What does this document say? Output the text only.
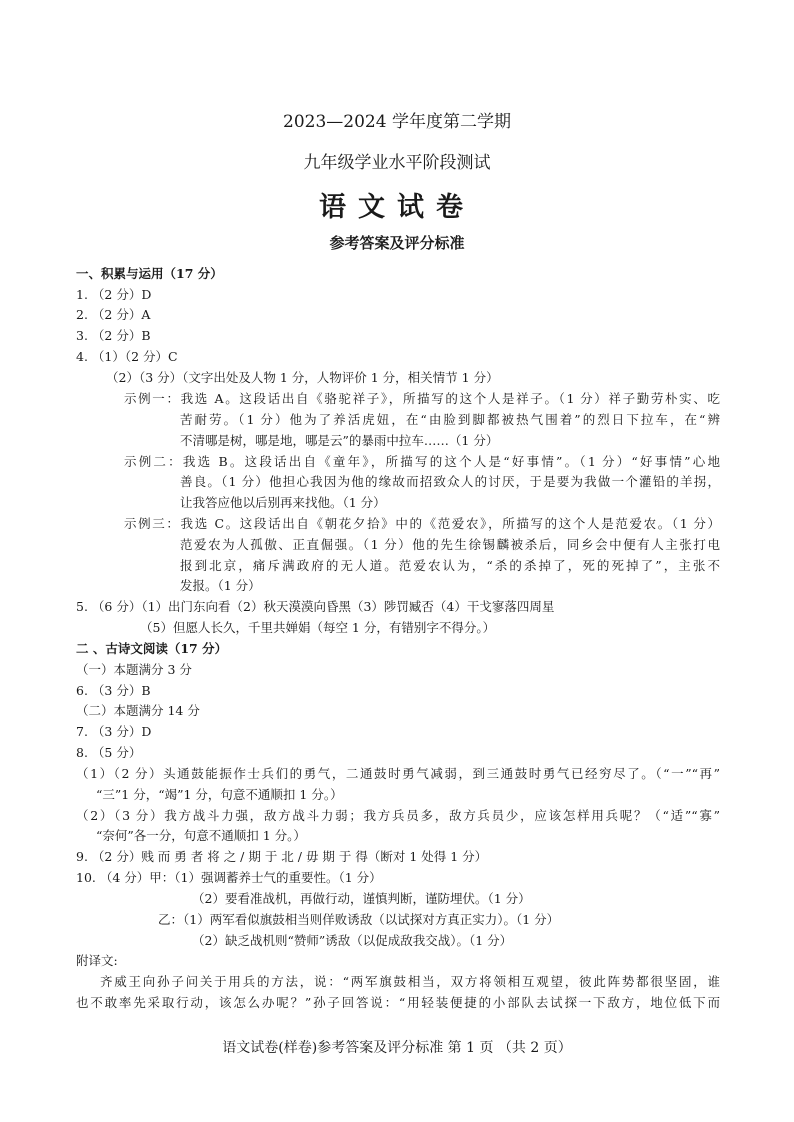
2023—2024 学年度第二学期
九年级学业水平阶段测试
语文试卷
参考答案及评分标准
一、积累与运用（17 分）
1. （2 分）D
2. （2 分）A
3. （2 分）B
4. （1）（2 分）C
（2）（3 分）（文字出处及人物 1 分，人物评价 1 分，相关情节 1 分）
示例一：我选 A。这段话出自《骆驼祥子》，所描写的这个人是祥子。（1 分）祥子勤劳朴实、吃
苦耐劳。（1 分）他为了养活虎妞，在“由脸到脚都被热气围着”的烈日下拉车，在“辨
不清哪是树，哪是地，哪是云”的暴雨中拉车……（1 分）
示例二：我选 B。这段话出自《童年》，所描写的这个人是“好事情”。（1 分）“好事情”心地
善良。（1 分）他担心我因为他的缘故而招致众人的讨厌，于是要为我做一个灌铅的羊拐，
让我答应他以后别再来找他。（1 分）
示例三：我选 C。这段话出自《朝花夕拾》中的《范爱农》，所描写的这个人是范爱农。（1 分）
范爱农为人孤傲、正直倔强。（1 分）他的先生徐锡麟被杀后，同乡会中便有人主张打电
报到北京，痛斥满政府的无人道。范爱农认为，“杀的杀掉了，死的死掉了”，主张不
发报。（1 分）
5. （6 分）（1）出门东向看（2）秋天漠漠向昏黑（3）陟罚臧否（4）干戈寥落四周星
（5）但愿人长久，千里共婵娟（每空 1 分，有错别字不得分。）
二 、古诗文阅读（17 分）
（一）本题满分 3 分
6. （3 分）B
（二）本题满分 14 分
7. （3 分）D
8. （5 分）
（1）（2 分）头通鼓能振作士兵们的勇气，二通鼓时勇气减弱，到三通鼓时勇气已经穷尽了。（“一”“再”
“三”1 分，“竭”1 分，句意不通顺扣 1 分。）
（2）（3 分）我方战斗力强，敌方战斗力弱；我方兵员多，敌方兵员少，应该怎样用兵呢？（“适”“寡”
“奈何”各一分，句意不通顺扣 1 分。）
9. （2 分）贱 而 勇 者 将 之 / 期 于 北 / 毋 期 于 得（断对 1 处得 1 分）
10. （4 分）甲：（1）强调蓄养士气的重要性。（1 分）
（2）要看准战机，再做行动，谨慎判断，谨防埋伏。（1 分）
乙：（1）两军看似旗鼓相当则佯败诱敌（以试探对方真正实力）。（1 分）
（2）缺乏战机则“赞师”诱敌（以促成敌我交战）。（1 分）
附译文:
齐威王向孙子问关于用兵的方法，说：“两军旗鼓相当，双方将领相互观望，彼此阵势都很坚固，谁
也不敢率先采取行动，该怎么办呢？”孙子回答说：“用轻装便捷的小部队去试探一下敌方，地位低下而
语文试卷(样卷)参考答案及评分标准 第 1 页 （共 2 页）
